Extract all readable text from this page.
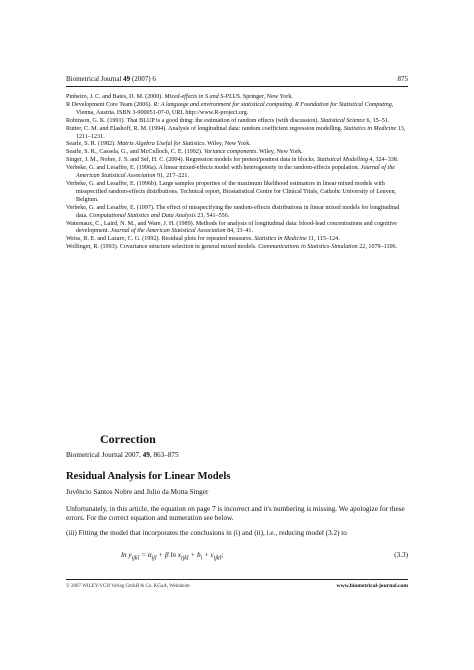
Biometrical Journal 49 (2007) 6	875

Pinheiro, J. C. and Bates, D. M. (2000). Mixed-effects in S and S-PLUS. Springer, New York.

R Development Core Team (2006). R: A language and environment for statistical computing. R Foundation for Statistical Computing, Vienna, Austria. ISBN 3-900051-07-0, URL http://www.R-project.org.

Robinson, G. K. (1991). That BLUP is a good thing: the estimation of random effects (with discussion). Statistical Science 6, 15–51.

Rutter, C. M. and Elashoff, R. M. (1994). Analysis of longitudinal data: random coefficient regression modelling. Statistics in Medicine 13, 1211–1231.

Searle, S. R. (1982). Matrix Algebra Useful for Statistics. Wiley, New York.

Searle, S. R., Cassela, G., and McCulloch, C. E. (1992). Variance components. Wiley, New York.

Singer, J. M., Nobre, J. S. and Sef, H. C. (2004). Regression models for pretest/posttest data in blocks. Statistical Modelling 4, 324–338.

Verbeke, G. and Lesaffre, E. (1996a). A linear mixed-effects model with heterogeneity in the random-effects population. Journal of the American Statistical Association 91, 217–221.

Verbeke, G. and Lesaffre, E. (1996b). Large samples properties of the maximum likelihood estimators in linear mixed models with misspecified random-effects distributions. Technical report, Biostatistical Centre for Clinical Trials, Catholic University of Leuven, Belgium.

Verbeke, G. and Lesaffre, E. (1997). The effect of misspecifying the random-effects distributions in linear mixed models for longitudinal data. Computational Statistics and Data Analysis 23, 541–556.

Waternaux, C., Laird, N. M., and Ware, J. H. (1989). Methods for analysis of longitudinal data: blood-lead concentrations and cognitive development. Journal of the American Statistical Association 84, 33–41.

Weiss, R. E. and Lazaro, C. G. (1992). Residual plots for repeated measures. Statistics in Medicine 11, 115–124.

Wolfinger, R. (1993). Covariance structure selection in general mixed models. Communications in Statistics-Simulation 22, 1079–1106.

Correction
Biometrical Journal 2007, 49, 863–875
Residual Analysis for Linear Models
Juvêncio Santos Nobre and Julio da Motta Singer
Unfortunately, in this article, the equation on page 7 is incorrect and it's numbering is missing. We apologize for these errors. For the correct equation and numeration see below.
(iii) Fitting the model that incorporates the conclusions in (i) and (ii), i.e., reducing model (3.2) to
$\ln y_{ijkl} = \alpha_{ijl} + \beta$ $\ln x_{ijkl} + b_i + \varepsilon_{ijkl}$;	(3.3)
© 2007 WILEY-VCH Verlag GmbH & Co. KGaA, Weinheim	www.biometrical-journal.com
